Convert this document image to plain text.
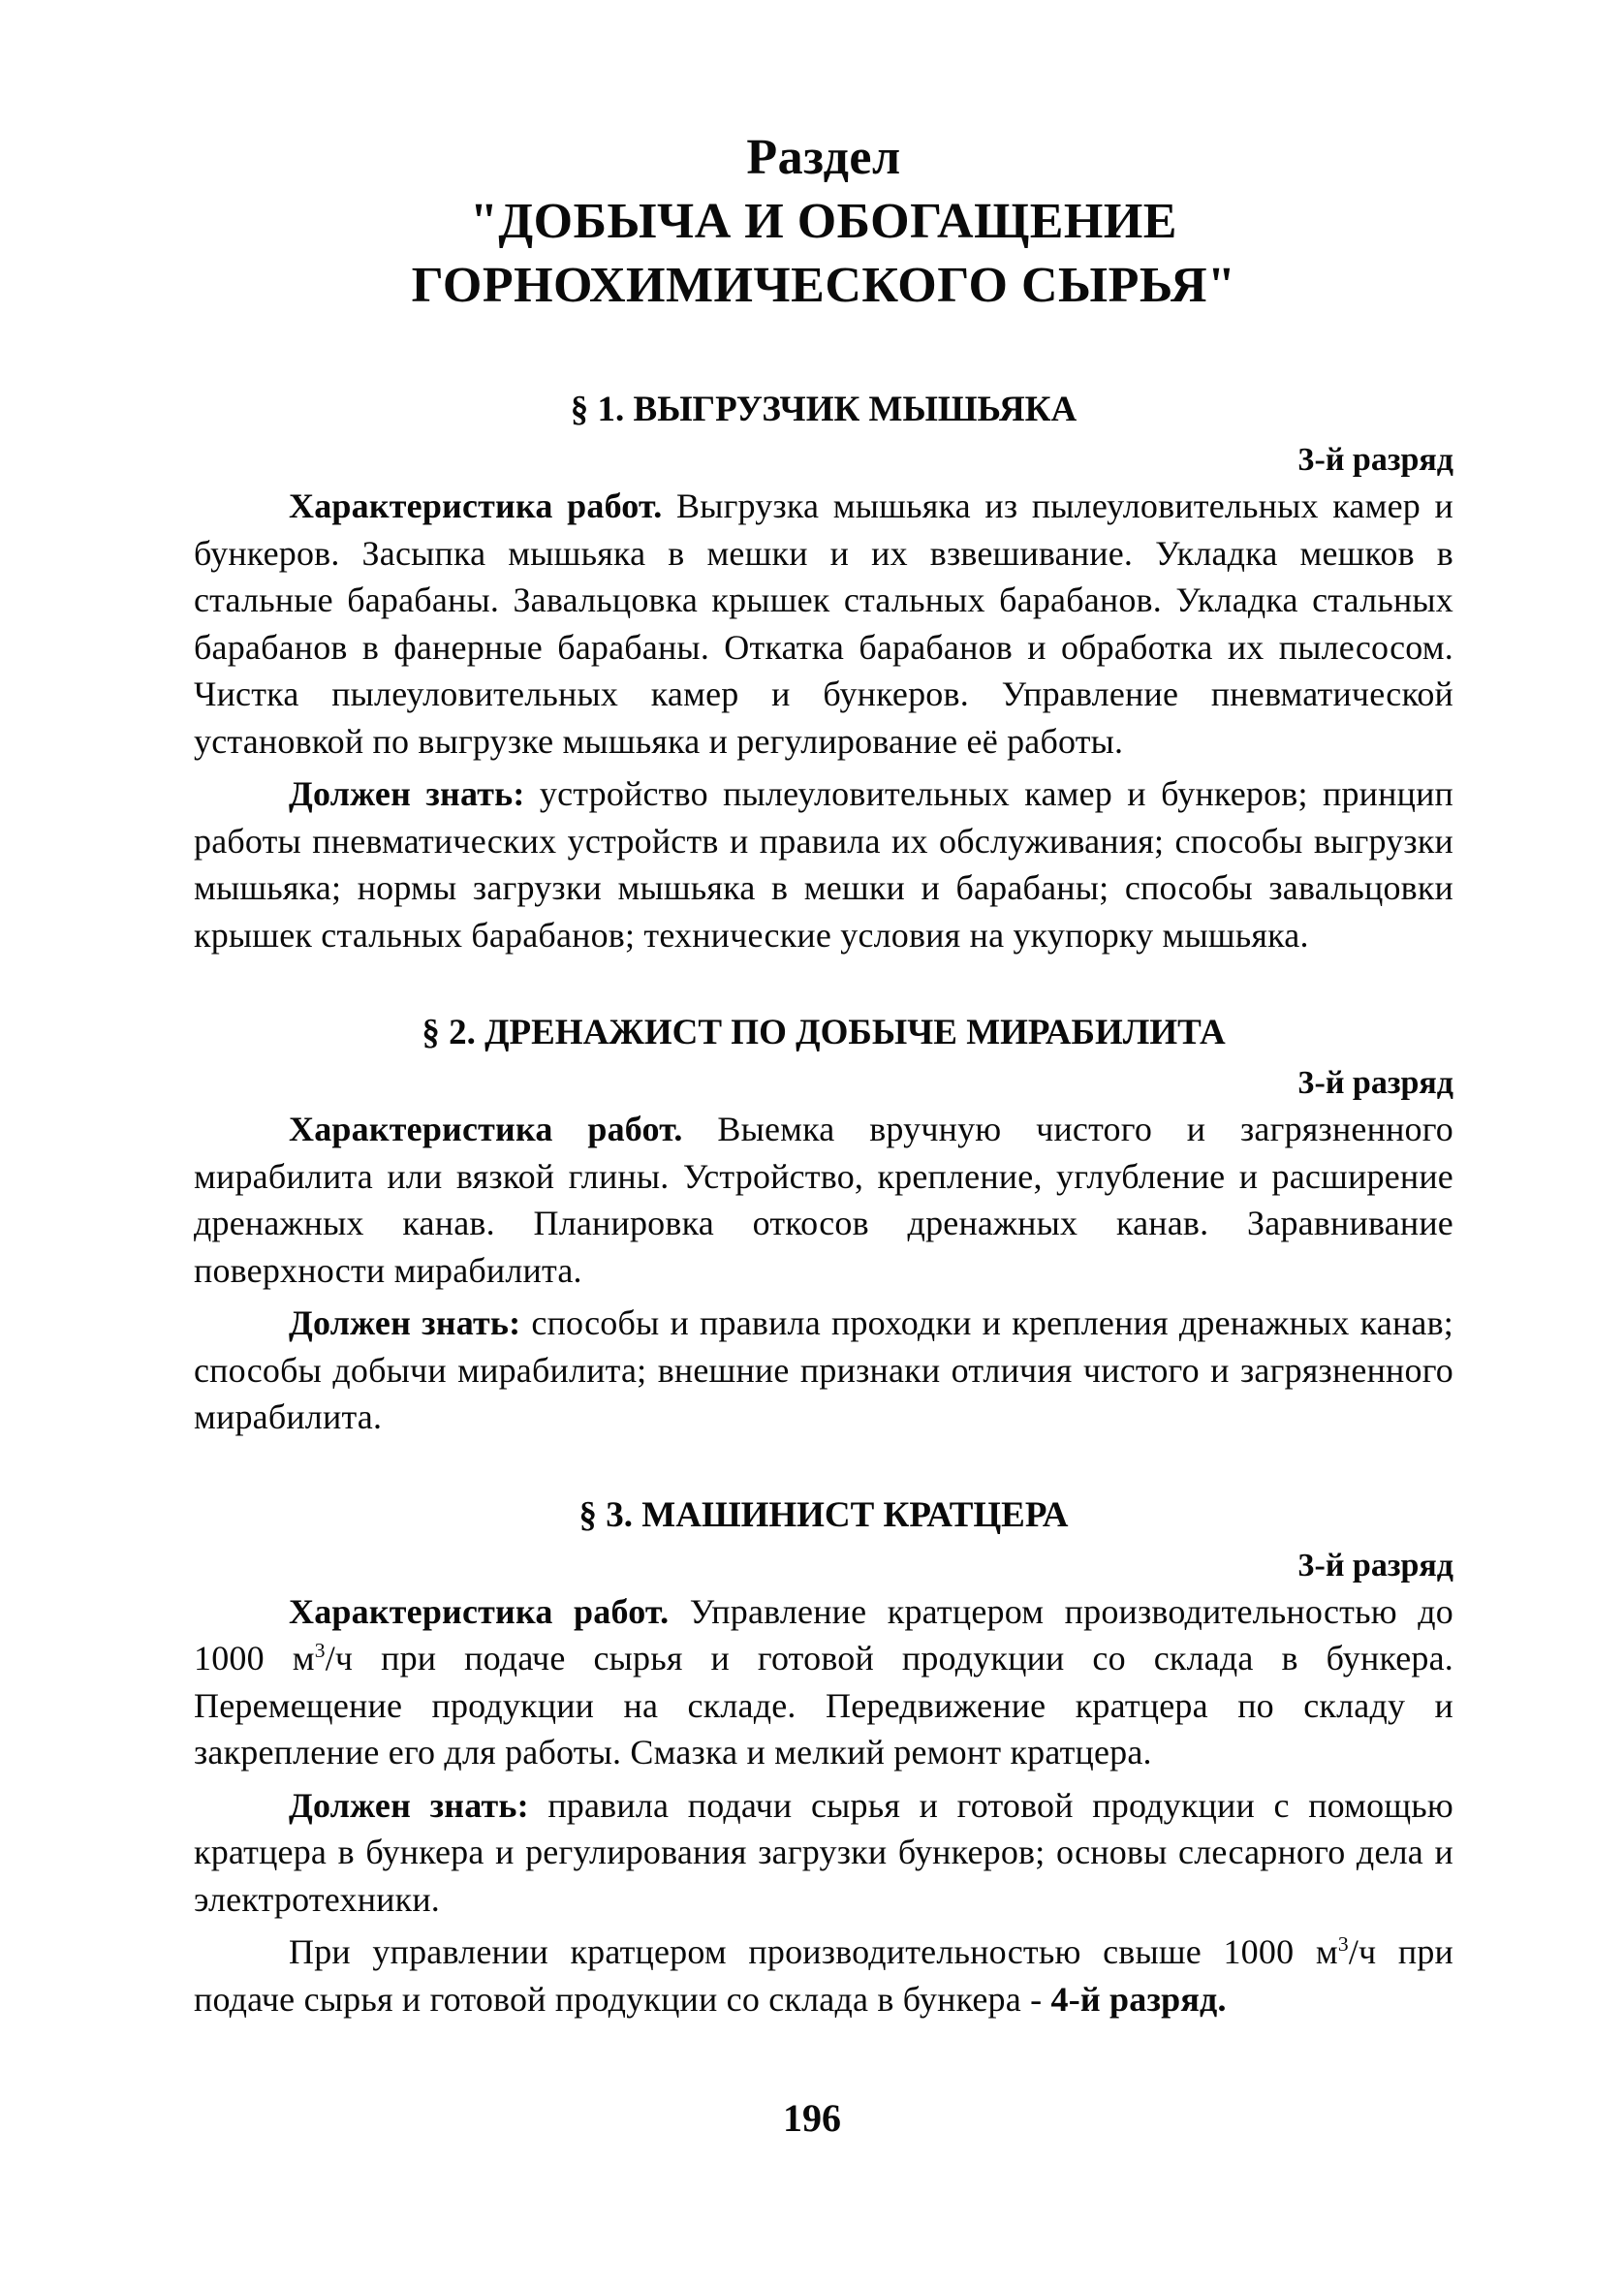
Раздел
"ДОБЫЧА И ОБОГАЩЕНИЕ
ГОРНОХИМИЧЕСКОГО СЫРЬЯ"
§ 1. ВЫГРУЗЧИК МЫШЬЯКА
3-й разряд

Характеристика работ. Выгрузка мышьяка из пылеуловительных камер и бункеров. Засыпка мышьяка в мешки и их взвешивание. Укладка мешков в стальные барабаны. Завальцовка крышек стальных барабанов. Укладка стальных барабанов в фанерные барабаны. Откатка барабанов и обработка их пылесосом. Чистка пылеуловительных камер и бункеров. Управление пневматической установкой по выгрузке мышьяка и регулирование её работы.

Должен знать: устройство пылеуловительных камер и бункеров; принцип работы пневматических устройств и правила их обслуживания; способы выгрузки мышьяка; нормы загрузки мышьяка в мешки и барабаны; способы завальцовки крышек стальных барабанов; технические условия на укупорку мышьяка.

§ 2. ДРЕНАЖИСТ ПО ДОБЫЧЕ МИРАБИЛИТА
3-й разряд

Характеристика работ. Выемка вручную чистого и загрязненного мирабилита или вязкой глины. Устройство, крепление, углубление и расширение дренажных канав. Планировка откосов дренажных канав. Заравнивание поверхности мирабилита.

Должен знать: способы и правила проходки и крепления дренажных канав; способы добычи мирабилита; внешние признаки отличия чистого и загрязненного мирабилита.

§ 3. МАШИНИСТ КРАТЦЕРА
3-й разряд

Характеристика работ. Управление кратцером производительностью до 1000 $м^3/ч$ при подаче сырья и готовой продукции со склада в бункера. Перемещение продукции на складе. Передвижение кратцера по складу и закрепление его для работы. Смазка и мелкий ремонт кратцера.

Должен знать: правила подачи сырья и готовой продукции с помощью кратцера в бункера и регулирования загрузки бункеров; основы слесарного дела и электротехники.

При управлении кратцером производительностью свыше 1000 $м^3/ч$ при подаче сырья и готовой продукции со склада в бункера - 4-й разряд.

196
